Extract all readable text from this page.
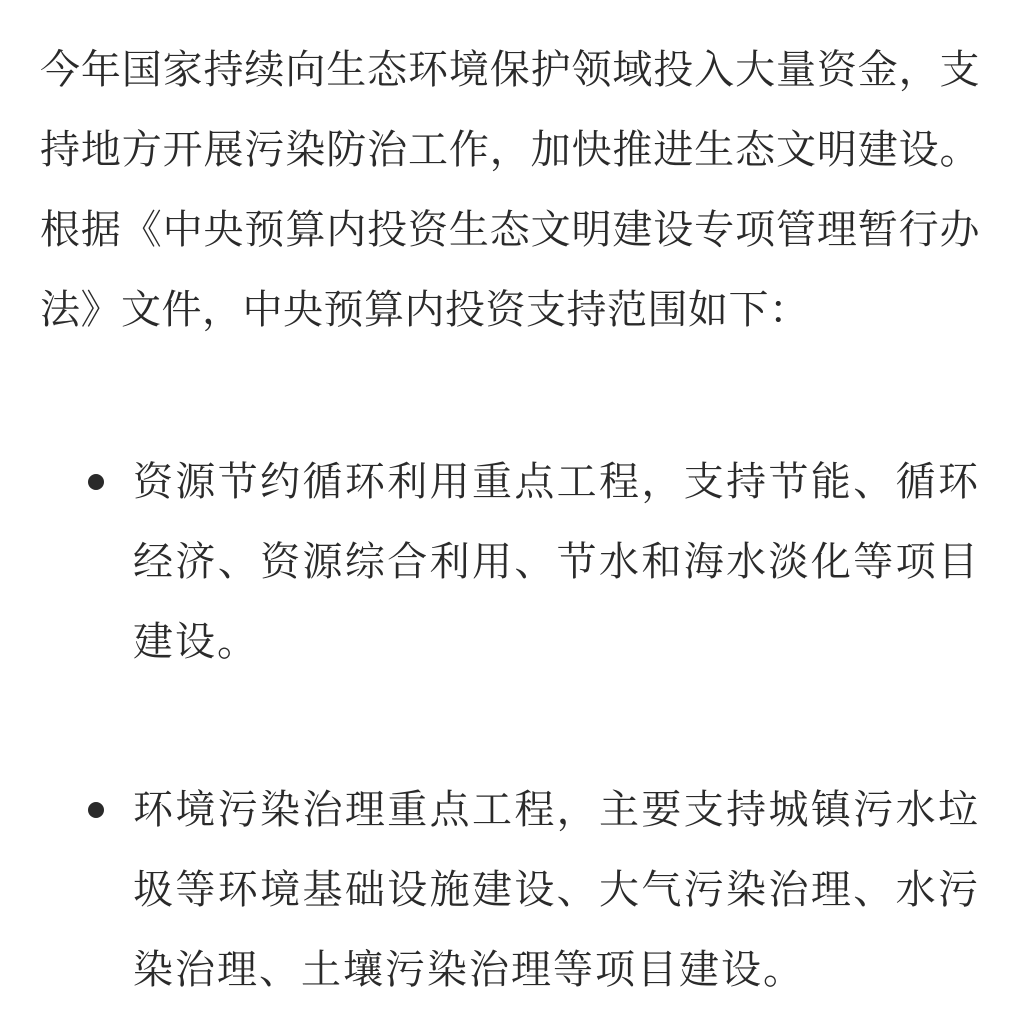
今年国家持续向生态环境保护领域投入大量资金，支持地方开展污染防治工作，加快推进生态文明建设。根据《中央预算内投资生态文明建设专项管理暂行办法》文件，中央预算内投资支持范围如下：

资源节约循环利用重点工程，支持节能、循环经济、资源综合利用、节水和海水淡化等项目建设。
环境污染治理重点工程，主要支持城镇污水垃圾等环境基础设施建设、大气污染治理、水污染治理、土壤污染治理等项目建设。
